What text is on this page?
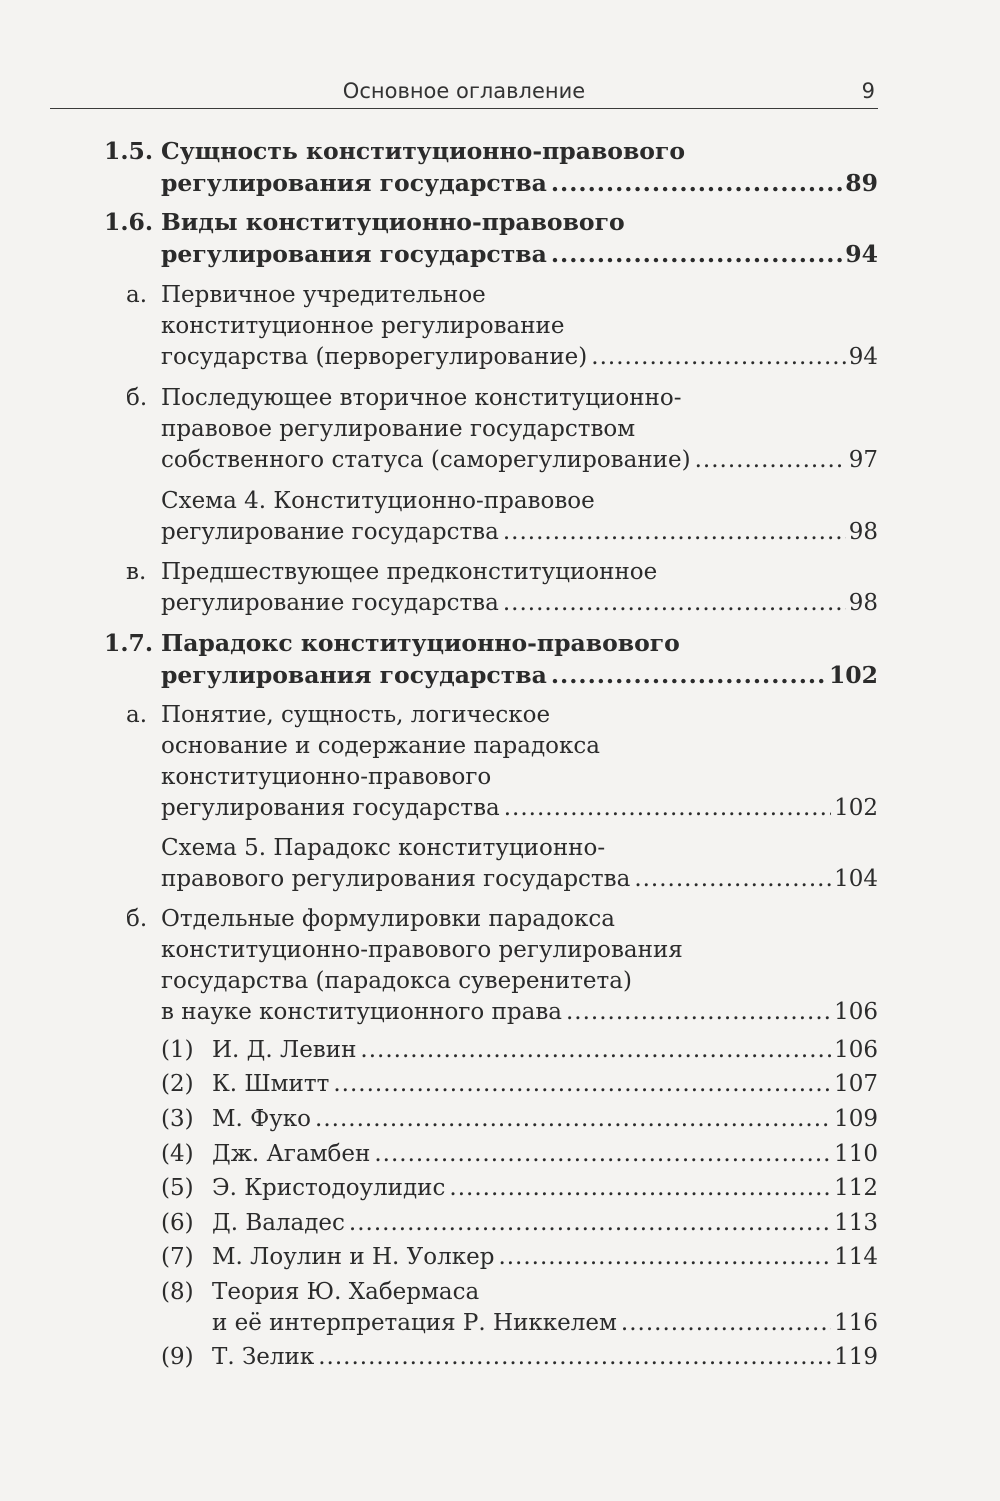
Основное оглавление	9
1.5. Сущность конституционно-правового
регулирования государства .....	89
1.6. Виды конституционно-правового
регулирования государства .....	94
а. Первичное учредительное
конституционное регулирование
государства (перворегулирование) .....	94
б. Последующее вторичное конституционно-
правовое регулирование государством
собственного статуса (саморегулирование) .....	97
Схема 4. Конституционно-правовое
регулирование государства .....	98
в. Предшествующее предконституционное
регулирование государства .....	98
1.7. Парадокс конституционно-правового
регулирования государства .....	102
а. Понятие, сущность, логическое
основание и содержание парадокса
конституционно-правового
регулирования государства .....	102
Схема 5. Парадокс конституционно-
правового регулирования государства .....	104
б. Отдельные формулировки парадокса
конституционно-правового регулирования
государства (парадокса суверенитета)
в науке конституционного права .....	106
(1) И. Д. Левин .....	106
(2) К. Шмитт .....	107
(3) М. Фуко .....	109
(4) Дж. Агамбен .....	110
(5) Э. Кристодоулидис .....	112
(6) Д. Валадес .....	113
(7) М. Лоулин и Н. Уолкер .....	114
(8) Теория Ю. Хабермаса
и её интерпретация Р. Никкелем .....	116
(9) Т. Зелик .....	119
